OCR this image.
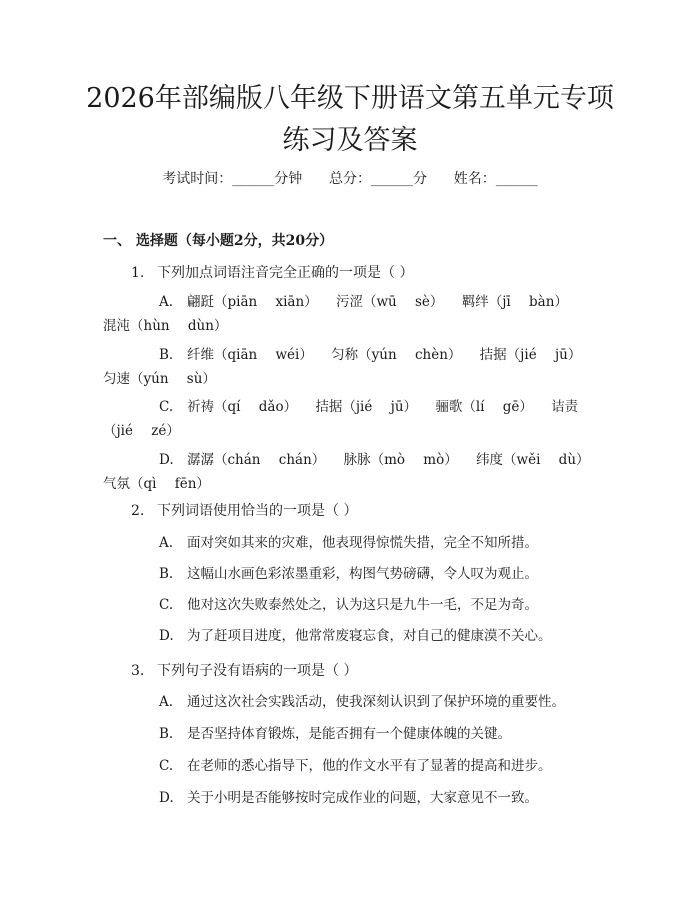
2026年部编版八年级下册语文第五单元专项
练习及答案
考试时间：______分钟      总分：______分      姓名：______
一、 选择题（每小题2分，共20分）
1. 下列加点词语注音完全正确的一项是（ ）
A. 翩跹（piān xiān） 污涩（wū sè） 羁绊（jī bàn） 混沌（hùn dùn）
B. 纤维（qiān wéi） 匀称（yún chèn） 拮据（jié jū） 匀速（yún sù）
C. 祈祷（qí dǎo） 拮据（jié jū） 骊歌（lí gē） 诘责（jié zé）
D. 潺潺（chán chán） 脉脉（mò mò） 纬度（wěi dù） 气氛（qì fēn）
2. 下列词语使用恰当的一项是（ ）
A. 面对突如其来的灾难，他表现得惊慌失措，完全不知所措。
B. 这幅山水画色彩浓墨重彩，构图气势磅礴，令人叹为观止。
C. 他对这次失败泰然处之，认为这只是九牛一毛，不足为奇。
D. 为了赶项目进度，他常常废寝忘食，对自己的健康漠不关心。
3. 下列句子没有语病的一项是（ ）
A. 通过这次社会实践活动，使我深刻认识到了保护环境的重要性。
B. 是否坚持体育锻炼，是能否拥有一个健康体魄的关键。
C. 在老师的悉心指导下，他的作文水平有了显著的提高和进步。
D. 关于小明是否能够按时完成作业的问题，大家意见不一致。
